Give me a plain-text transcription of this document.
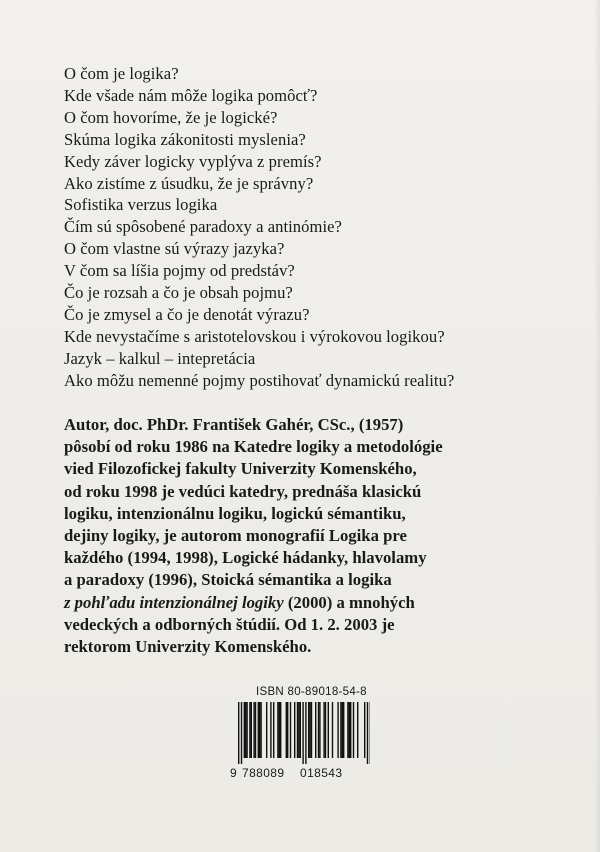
O čom je logika?
Kde všade nám môže logika pomôcť?
O čom hovoríme, že je logické?
Skúma logika zákonitosti myslenia?
Kedy záver logicky vyplýva z premís?
Ako zistíme z úsudku, že je správny?
Sofistika verzus logika
Čím sú spôsobené paradoxy a antinómie?
O čom vlastne sú výrazy jazyka?
V čom sa líšia pojmy od predstáv?
Čo je rozsah a čo je obsah pojmu?
Čo je zmysel a čo je denotát výrazu?
Kde nevystačíme s aristotelovskou i výrokovou logikou?
Jazyk – kalkul – intepretácia
Ako môžu nemenné pojmy postihovať dynamickú realitu?

Autor, doc. PhDr. František Gahér, CSc., (1957)
pôsobí od roku 1986 na Katedre logiky a metodológie
vied Filozofickej fakulty Univerzity Komenského,
od roku 1998 je vedúci katedry, prednáša klasickú
logiku, intenzionálnu logiku, logickú sémantiku,
dejiny logiky, je autorom monografií Logika pre
každého (1994, 1998), Logické hádanky, hlavolamy
a paradoxy (1996), Stoická sémantika a logika
z pohľadu intenzionálnej logiky (2000) a mnohých
vedeckých a odborných štúdií. Od 1. 2. 2003 je
rektorom Univerzity Komenského.

ISBN 80-89018-54-8
9 788089 018543
